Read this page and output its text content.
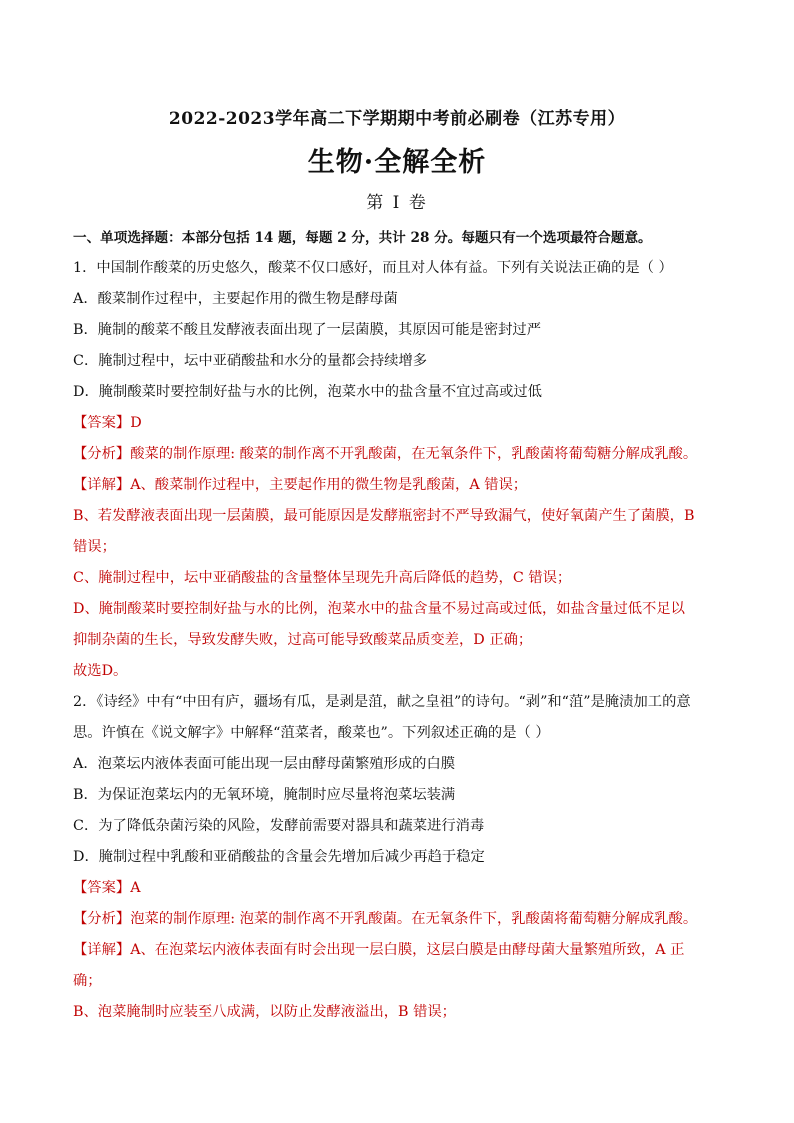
2022-2023学年高二下学期期中考前必刷卷（江苏专用）
生物·全解全析
第 I 卷
一、单项选择题：本部分包括 14 题，每题 2 分，共计 28 分。每题只有一个选项最符合题意。
1．中国制作酸菜的历史悠久，酸菜不仅口感好，而且对人体有益。下列有关说法正确的是（ ）
A．酸菜制作过程中，主要起作用的微生物是酵母菌
B．腌制的酸菜不酸且发酵液表面出现了一层菌膜，其原因可能是密封过严
C．腌制过程中，坛中亚硝酸盐和水分的量都会持续增多
D．腌制酸菜时要控制好盐与水的比例，泡菜水中的盐含量不宜过高或过低
【答案】D
【分析】酸菜的制作原理: 酸菜的制作离不开乳酸菌，在无氧条件下，乳酸菌将葡萄糖分解成乳酸。
【详解】A、酸菜制作过程中，主要起作用的微生物是乳酸菌，A 错误；
B、若发酵液表面出现一层菌膜，最可能原因是发酵瓶密封不严导致漏气，使好氧菌产生了菌膜，B
错误；
C、腌制过程中，坛中亚硝酸盐的含量整体呈现先升高后降低的趋势，C 错误；
D、腌制酸菜时要控制好盐与水的比例，泡菜水中的盐含量不易过高或过低，如盐含量过低不足以
抑制杂菌的生长，导致发酵失败，过高可能导致酸菜品质变差，D 正确；
故选D。
2．《诗经》中有“中田有庐，疆场有瓜，是剥是菹，献之皇祖”的诗句。“剥”和“菹”是腌渍加工的意
思。许慎在《说文解字》中解释“菹菜者，酸菜也”。下列叙述正确的是（ ）
A．泡菜坛内液体表面可能出现一层由酵母菌繁殖形成的白膜
B．为保证泡菜坛内的无氧环境，腌制时应尽量将泡菜坛装满
C．为了降低杂菌污染的风险，发酵前需要对器具和蔬菜进行消毒
D．腌制过程中乳酸和亚硝酸盐的含量会先增加后减少再趋于稳定
【答案】A
【分析】泡菜的制作原理: 泡菜的制作离不开乳酸菌。在无氧条件下，乳酸菌将葡萄糖分解成乳酸。
【详解】A、在泡菜坛内液体表面有时会出现一层白膜，这层白膜是由酵母菌大量繁殖所致，A 正
确；
B、泡菜腌制时应装至八成满，以防止发酵液溢出，B 错误；
